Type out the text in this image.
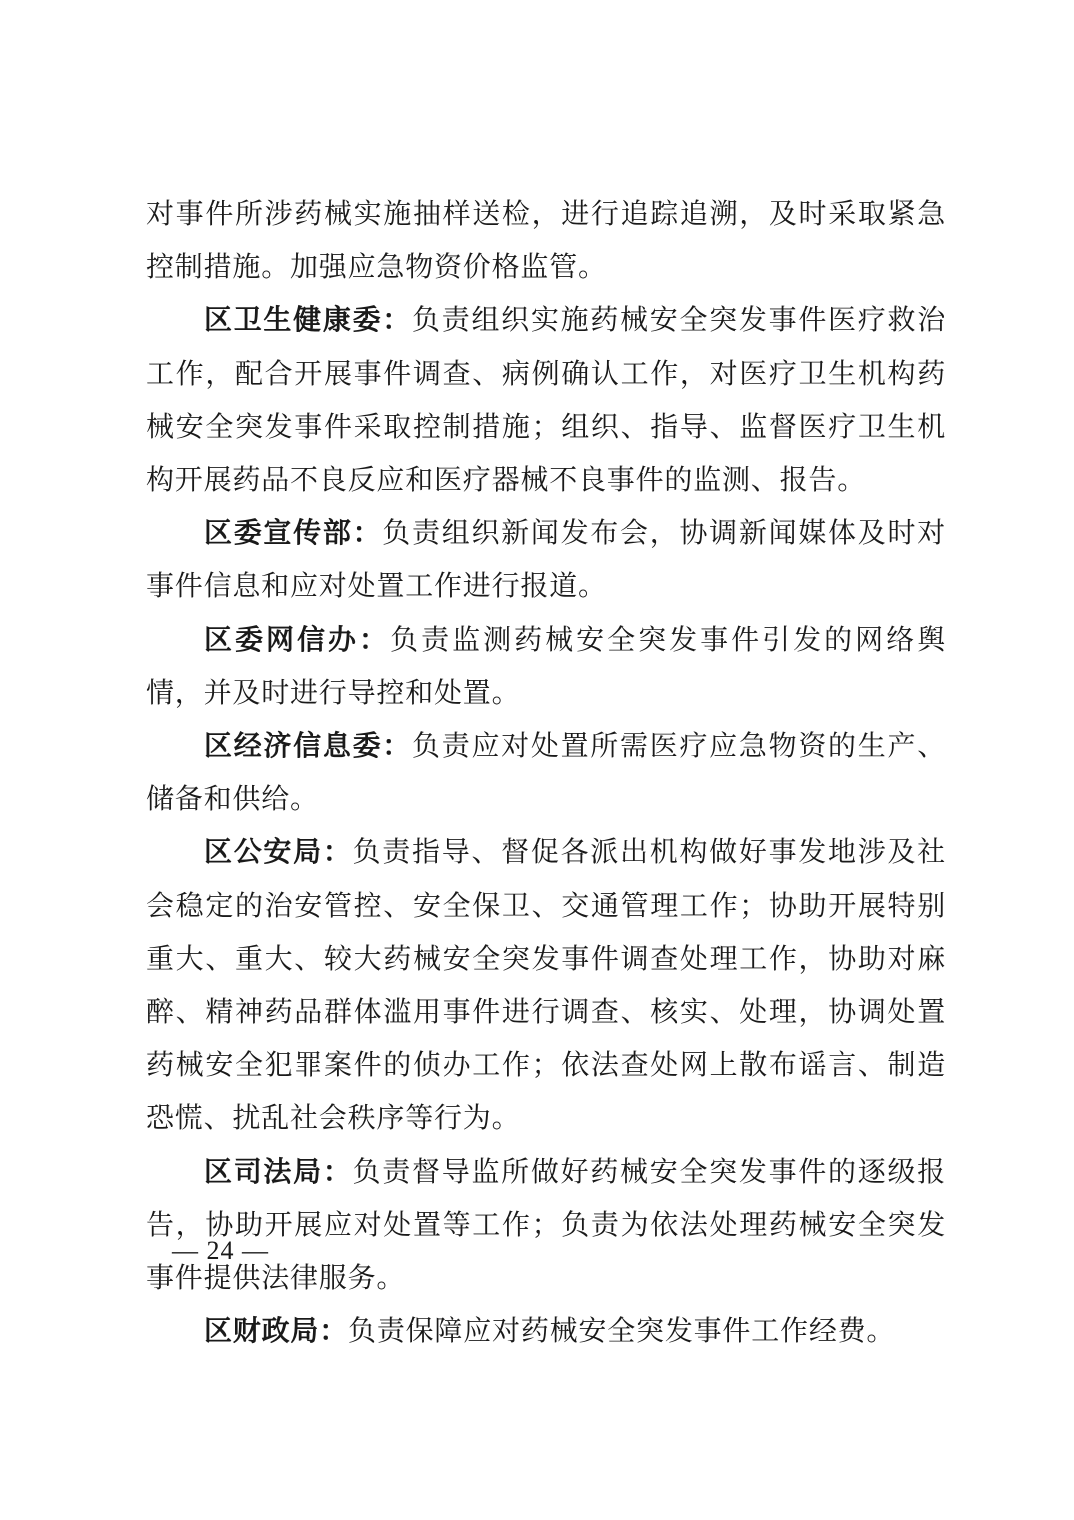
对事件所涉药械实施抽样送检，进行追踪追溯，及时采取紧急控制措施。加强应急物资价格监管。

区卫生健康委：负责组织实施药械安全突发事件医疗救治工作，配合开展事件调查、病例确认工作，对医疗卫生机构药械安全突发事件采取控制措施；组织、指导、监督医疗卫生机构开展药品不良反应和医疗器械不良事件的监测、报告。

区委宣传部：负责组织新闻发布会，协调新闻媒体及时对事件信息和应对处置工作进行报道。

区委网信办：负责监测药械安全突发事件引发的网络舆情，并及时进行导控和处置。

区经济信息委：负责应对处置所需医疗应急物资的生产、储备和供给。

区公安局：负责指导、督促各派出机构做好事发地涉及社会稳定的治安管控、安全保卫、交通管理工作；协助开展特别重大、重大、较大药械安全突发事件调查处理工作，协助对麻醉、精神药品群体滥用事件进行调查、核实、处理，协调处置药械安全犯罪案件的侦办工作；依法查处网上散布谣言、制造恐慌、扰乱社会秩序等行为。

区司法局：负责督导监所做好药械安全突发事件的逐级报告，协助开展应对处置等工作；负责为依法处理药械安全突发事件提供法律服务。

区财政局：负责保障应对药械安全突发事件工作经费。

— 24 —
